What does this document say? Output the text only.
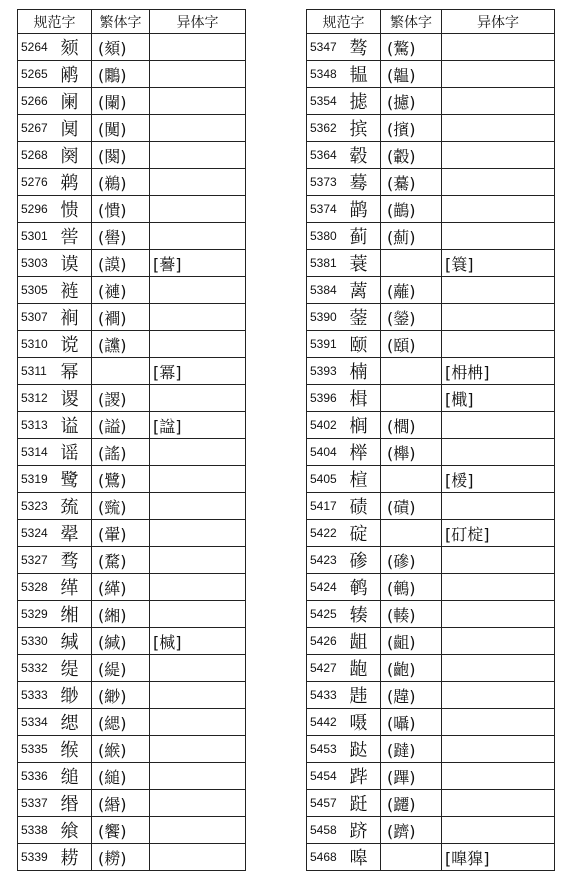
规范字		繁体字	异体字
5264	颏	(頦)	
5265	鹇	(鷴)	
5266	阑	(闌)	
5267	阒	(闃)	
5268	阕	(闋)	
5276	鹈	(鵜)	
5296	愦	(憒)	
5301	喾	(嚳)	
5303	谟	(謨)	[謩]
5305	裢	(褳)	
5307	裥	(襇)	
5310	谠	(讜)	
5311	幂		[冪]
5312	谡	(謖)	
5313	谥	(謚)	[諡]
5314	谣	(謠)	
5319	鹭	(鷺)	
5323	巯	(巰)	
5324	翚	(翬)	
5327	骛	(騖)	
5328	缂	(緙)	
5329	缃	(緗)	
5330	缄	(緘)	[椷]
5332	缇	(緹)	
5333	缈	(緲)	
5334	缌	(緦)	
5335	缑	(緱)	
5336	缒	(縋)	
5337	缗	(緡)	
5338	飨	(饗)	
5339	耢	(耮)	
规范字		繁体字	异体字
5347	骜	(驁)	
5348	韫	(韞)	
5354	摅	(攄)	
5362	摈	(擯)	
5364	毂	(轂)	
5373	蓦	(驀)	
5374	鹋	(鶓)	
5380	蓟	(薊)	
5381	蓑		[簑]
5384	蓠	(蘺)	
5390	蓥	(鎣)	
5391	颐	(頤)	
5393	楠		[枏柟]
5396	楫		[檝]
5402	榈	(櫚)	
5404	榉	(櫸)	
5405	楦		[楥]
5417	碛	(磧)	
5422	碇		[矴椗]
5423	碜	(磣)	
5424	鹌	(鵪)	
5425	辏	(輳)	
5426	龃	(齟)	
5427	龅	(齙)	
5433	韪	(韙)	
5442	嗫	(囁)	
5453	跶	(躂)	
5454	跸	(蹕)	
5457	跹	(躚)	
5458	跻	(躋)	
5468	嗥		[嘷獋]
